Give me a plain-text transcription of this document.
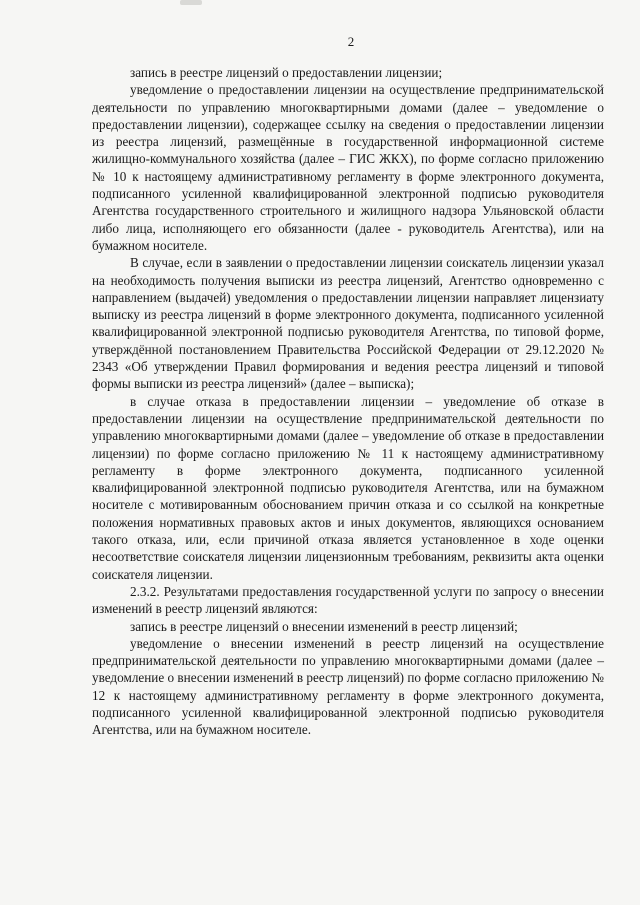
2

запись в реестре лицензий о предоставлении лицензии;

уведомление о предоставлении лицензии на осуществление предпринимательской деятельности по управлению многоквартирными домами (далее – уведомление о предоставлении лицензии), содержащее ссылку на сведения о предоставлении лицензии из реестра лицензий, размещённые в государственной информационной системе жилищно-коммунального хозяйства (далее – ГИС ЖКХ), по форме согласно приложению № 10 к настоящему административному регламенту в форме электронного документа, подписанного усиленной квалифицированной электронной подписью руководителя Агентства государственного строительного и жилищного надзора Ульяновской области либо лица, исполняющего его обязанности (далее - руководитель Агентства), или на бумажном носителе.

В случае, если в заявлении о предоставлении лицензии соискатель лицензии указал на необходимость получения выписки из реестра лицензий, Агентство одновременно с направлением (выдачей) уведомления о предоставлении лицензии направляет лицензиату выписку из реестра лицензий в форме электронного документа, подписанного усиленной квалифицированной электронной подписью руководителя Агентства, по типовой форме, утверждённой постановлением Правительства Российской Федерации от 29.12.2020 № 2343 «Об утверждении Правил формирования и ведения реестра лицензий и типовой формы выписки из реестра лицензий» (далее – выписка);

в случае отказа в предоставлении лицензии – уведомление об отказе в предоставлении лицензии на осуществление предпринимательской деятельности по управлению многоквартирными домами (далее – уведомление об отказе в предоставлении лицензии) по форме согласно приложению № 11 к настоящему административному регламенту в форме электронного документа, подписанного усиленной квалифицированной электронной подписью руководителя Агентства, или на бумажном носителе с мотивированным обоснованием причин отказа и со ссылкой на конкретные положения нормативных правовых актов и иных документов, являющихся основанием такого отказа, или, если причиной отказа является установленное в ходе оценки несоответствие соискателя лицензии лицензионным требованиям, реквизиты акта оценки соискателя лицензии.

2.3.2. Результатами предоставления государственной услуги по запросу о внесении изменений в реестр лицензий являются:

запись в реестре лицензий о внесении изменений в реестр лицензий;

уведомление о внесении изменений в реестр лицензий на осуществление предпринимательской деятельности по управлению многоквартирными домами (далее – уведомление о внесении изменений в реестр лицензий) по форме согласно приложению № 12 к настоящему административному регламенту в форме электронного документа, подписанного усиленной квалифицированной электронной подписью руководителя Агентства, или на бумажном носителе.
